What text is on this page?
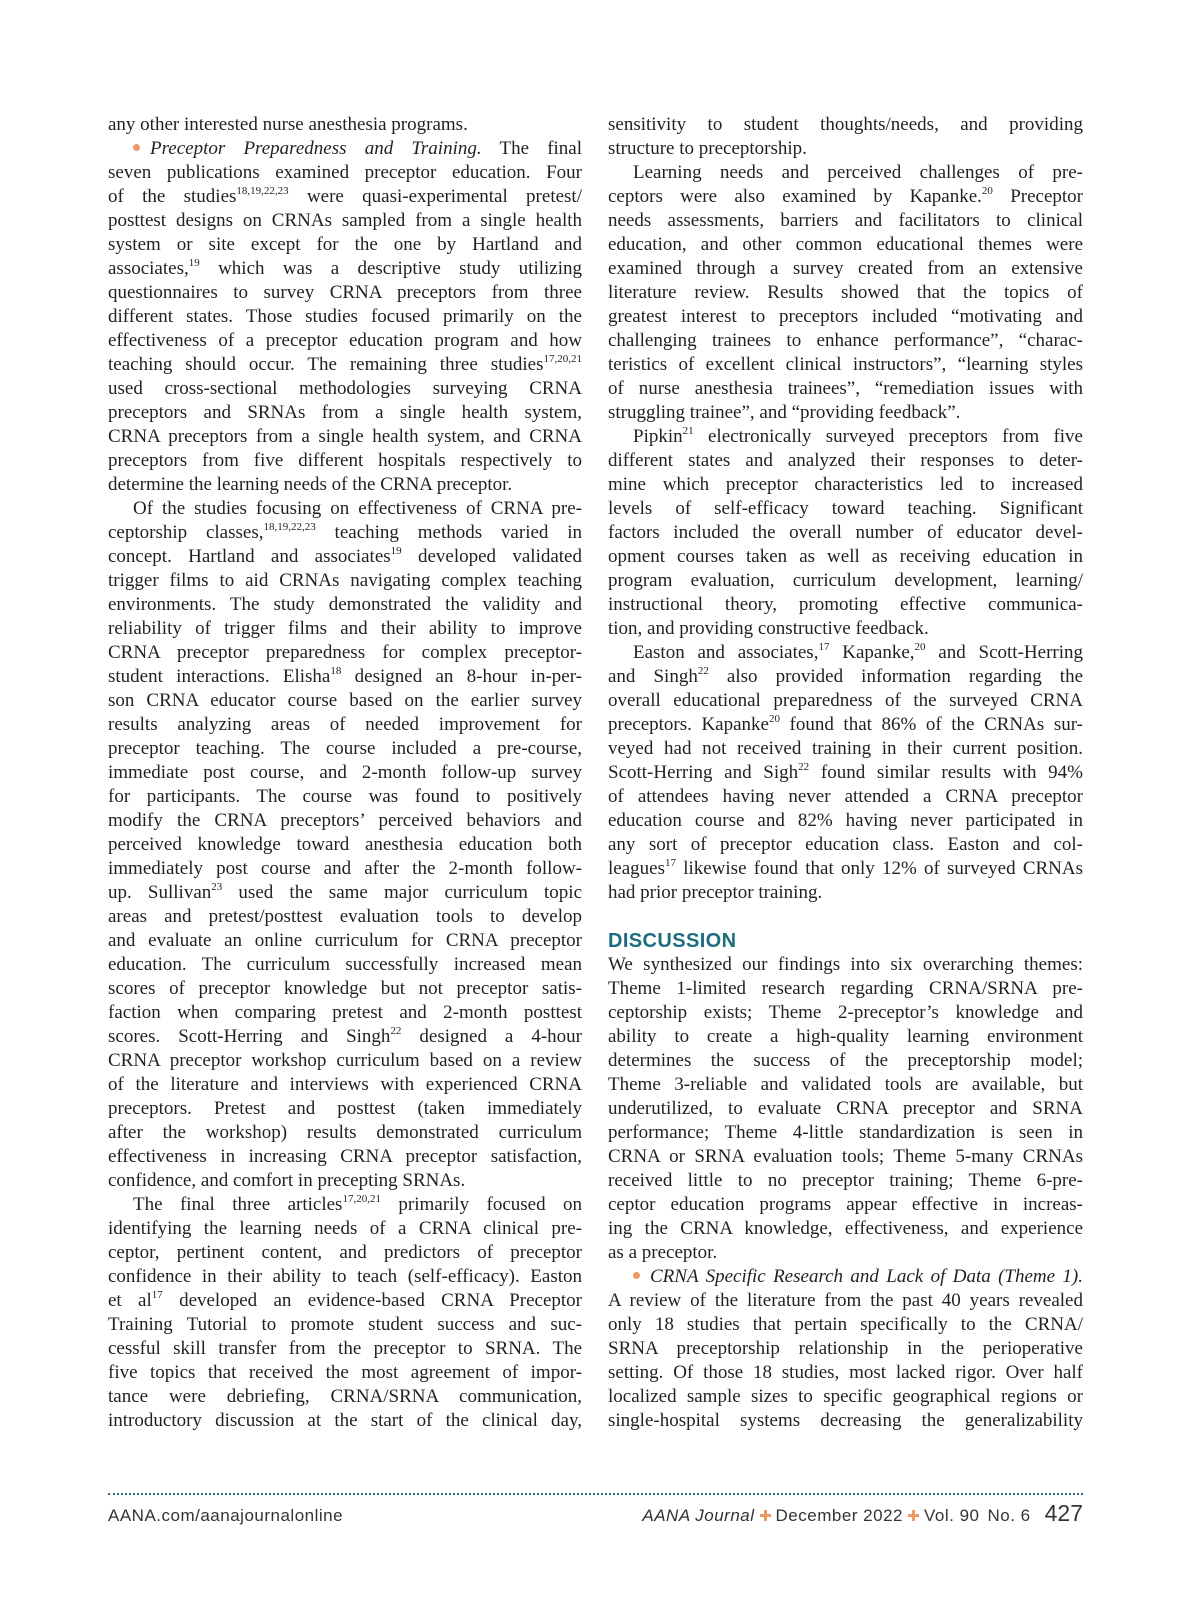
any other interested nurse anesthesia programs.
Preceptor Preparedness and Training. The final
seven publications examined preceptor education. Four
of the studies$^{18,19,22,23}$ were quasi-experimental pretest/
posttest designs on CRNAs sampled from a single health
system or site except for the one by Hartland and
associates,$^{19}$ which was a descriptive study utilizing
questionnaires to survey CRNA preceptors from three
different states. Those studies focused primarily on the
effectiveness of a preceptor education program and how
teaching should occur. The remaining three studies$^{17,20,21}$
used cross-sectional methodologies surveying CRNA
preceptors and SRNAs from a single health system,
CRNA preceptors from a single health system, and CRNA
preceptors from five different hospitals respectively to
determine the learning needs of the CRNA preceptor.
Of the studies focusing on effectiveness of CRNA pre-
ceptorship classes,$^{18,19,22,23}$ teaching methods varied in
concept. Hartland and associates$^{19}$ developed validated
trigger films to aid CRNAs navigating complex teaching
environments. The study demonstrated the validity and
reliability of trigger films and their ability to improve
CRNA preceptor preparedness for complex preceptor-
student interactions. Elisha$^{18}$ designed an 8-hour in-per-
son CRNA educator course based on the earlier survey
results analyzing areas of needed improvement for
preceptor teaching. The course included a pre-course,
immediate post course, and 2-month follow-up survey
for participants. The course was found to positively
modify the CRNA preceptors’ perceived behaviors and
perceived knowledge toward anesthesia education both
immediately post course and after the 2-month follow-
up. Sullivan$^{23}$ used the same major curriculum topic
areas and pretest/posttest evaluation tools to develop
and evaluate an online curriculum for CRNA preceptor
education. The curriculum successfully increased mean
scores of preceptor knowledge but not preceptor satis-
faction when comparing pretest and 2-month posttest
scores. Scott-Herring and Singh$^{22}$ designed a 4-hour
CRNA preceptor workshop curriculum based on a review
of the literature and interviews with experienced CRNA
preceptors. Pretest and posttest (taken immediately
after the workshop) results demonstrated curriculum
effectiveness in increasing CRNA preceptor satisfaction,
confidence, and comfort in precepting SRNAs.
The final three articles$^{17,20,21}$ primarily focused on
identifying the learning needs of a CRNA clinical pre-
ceptor, pertinent content, and predictors of preceptor
confidence in their ability to teach (self-efficacy). Easton
et $al^{17}$ developed an evidence-based CRNA Preceptor
Training Tutorial to promote student success and suc-
cessful skill transfer from the preceptor to SRNA. The
five topics that received the most agreement of impor-
tance were debriefing, CRNA/SRNA communication,
introductory discussion at the start of the clinical day,
sensitivity to student thoughts/needs, and providing
structure to preceptorship.
Learning needs and perceived challenges of pre-
ceptors were also examined by Kapanke.$^{20}$ Preceptor
needs assessments, barriers and facilitators to clinical
education, and other common educational themes were
examined through a survey created from an extensive
literature review. Results showed that the topics of
greatest interest to preceptors included “motivating and
challenging trainees to enhance performance”, “charac-
teristics of excellent clinical instructors”, “learning styles
of nurse anesthesia trainees”, “remediation issues with
struggling trainee”, and “providing feedback”.
Pipkin$^{21}$ electronically surveyed preceptors from five
different states and analyzed their responses to deter-
mine which preceptor characteristics led to increased
levels of self-efficacy toward teaching. Significant
factors included the overall number of educator devel-
opment courses taken as well as receiving education in
program evaluation, curriculum development, learning/
instructional theory, promoting effective communica-
tion, and providing constructive feedback.
Easton and associates,$^{17}$ Kapanke,$^{20}$ and Scott-Herring
and Singh$^{22}$ also provided information regarding the
overall educational preparedness of the surveyed CRNA
preceptors. Kapanke$^{20}$ found that 86% of the CRNAs sur-
veyed had not received training in their current position.
Scott-Herring and Sigh$^{22}$ found similar results with 94%
of attendees having never attended a CRNA preceptor
education course and 82% having never participated in
any sort of preceptor education class. Easton and col-
leagues$^{17}$ likewise found that only 12% of surveyed CRNAs
had prior preceptor training.
DISCUSSION
We synthesized our findings into six overarching themes:
Theme 1-limited research regarding CRNA/SRNA pre-
ceptorship exists; Theme 2-preceptor’s knowledge and
ability to create a high-quality learning environment
determines the success of the preceptorship model;
Theme 3-reliable and validated tools are available, but
underutilized, to evaluate CRNA preceptor and SRNA
performance; Theme 4-little standardization is seen in
CRNA or SRNA evaluation tools; Theme 5-many CRNAs
received little to no preceptor training; Theme 6-pre-
ceptor education programs appear effective in increas-
ing the CRNA knowledge, effectiveness, and experience
as a preceptor.
CRNA Specific Research and Lack of Data (Theme 1).
A review of the literature from the past 40 years revealed
only 18 studies that pertain specifically to the CRNA/
SRNA preceptorship relationship in the perioperative
setting. Of those 18 studies, most lacked rigor. Over half
localized sample sizes to specific geographical regions or
single-hospital systems decreasing the generalizability
AANA.com/aanajournalonline	AANA Journal December 2022 Vol. 90 No. 6 427
